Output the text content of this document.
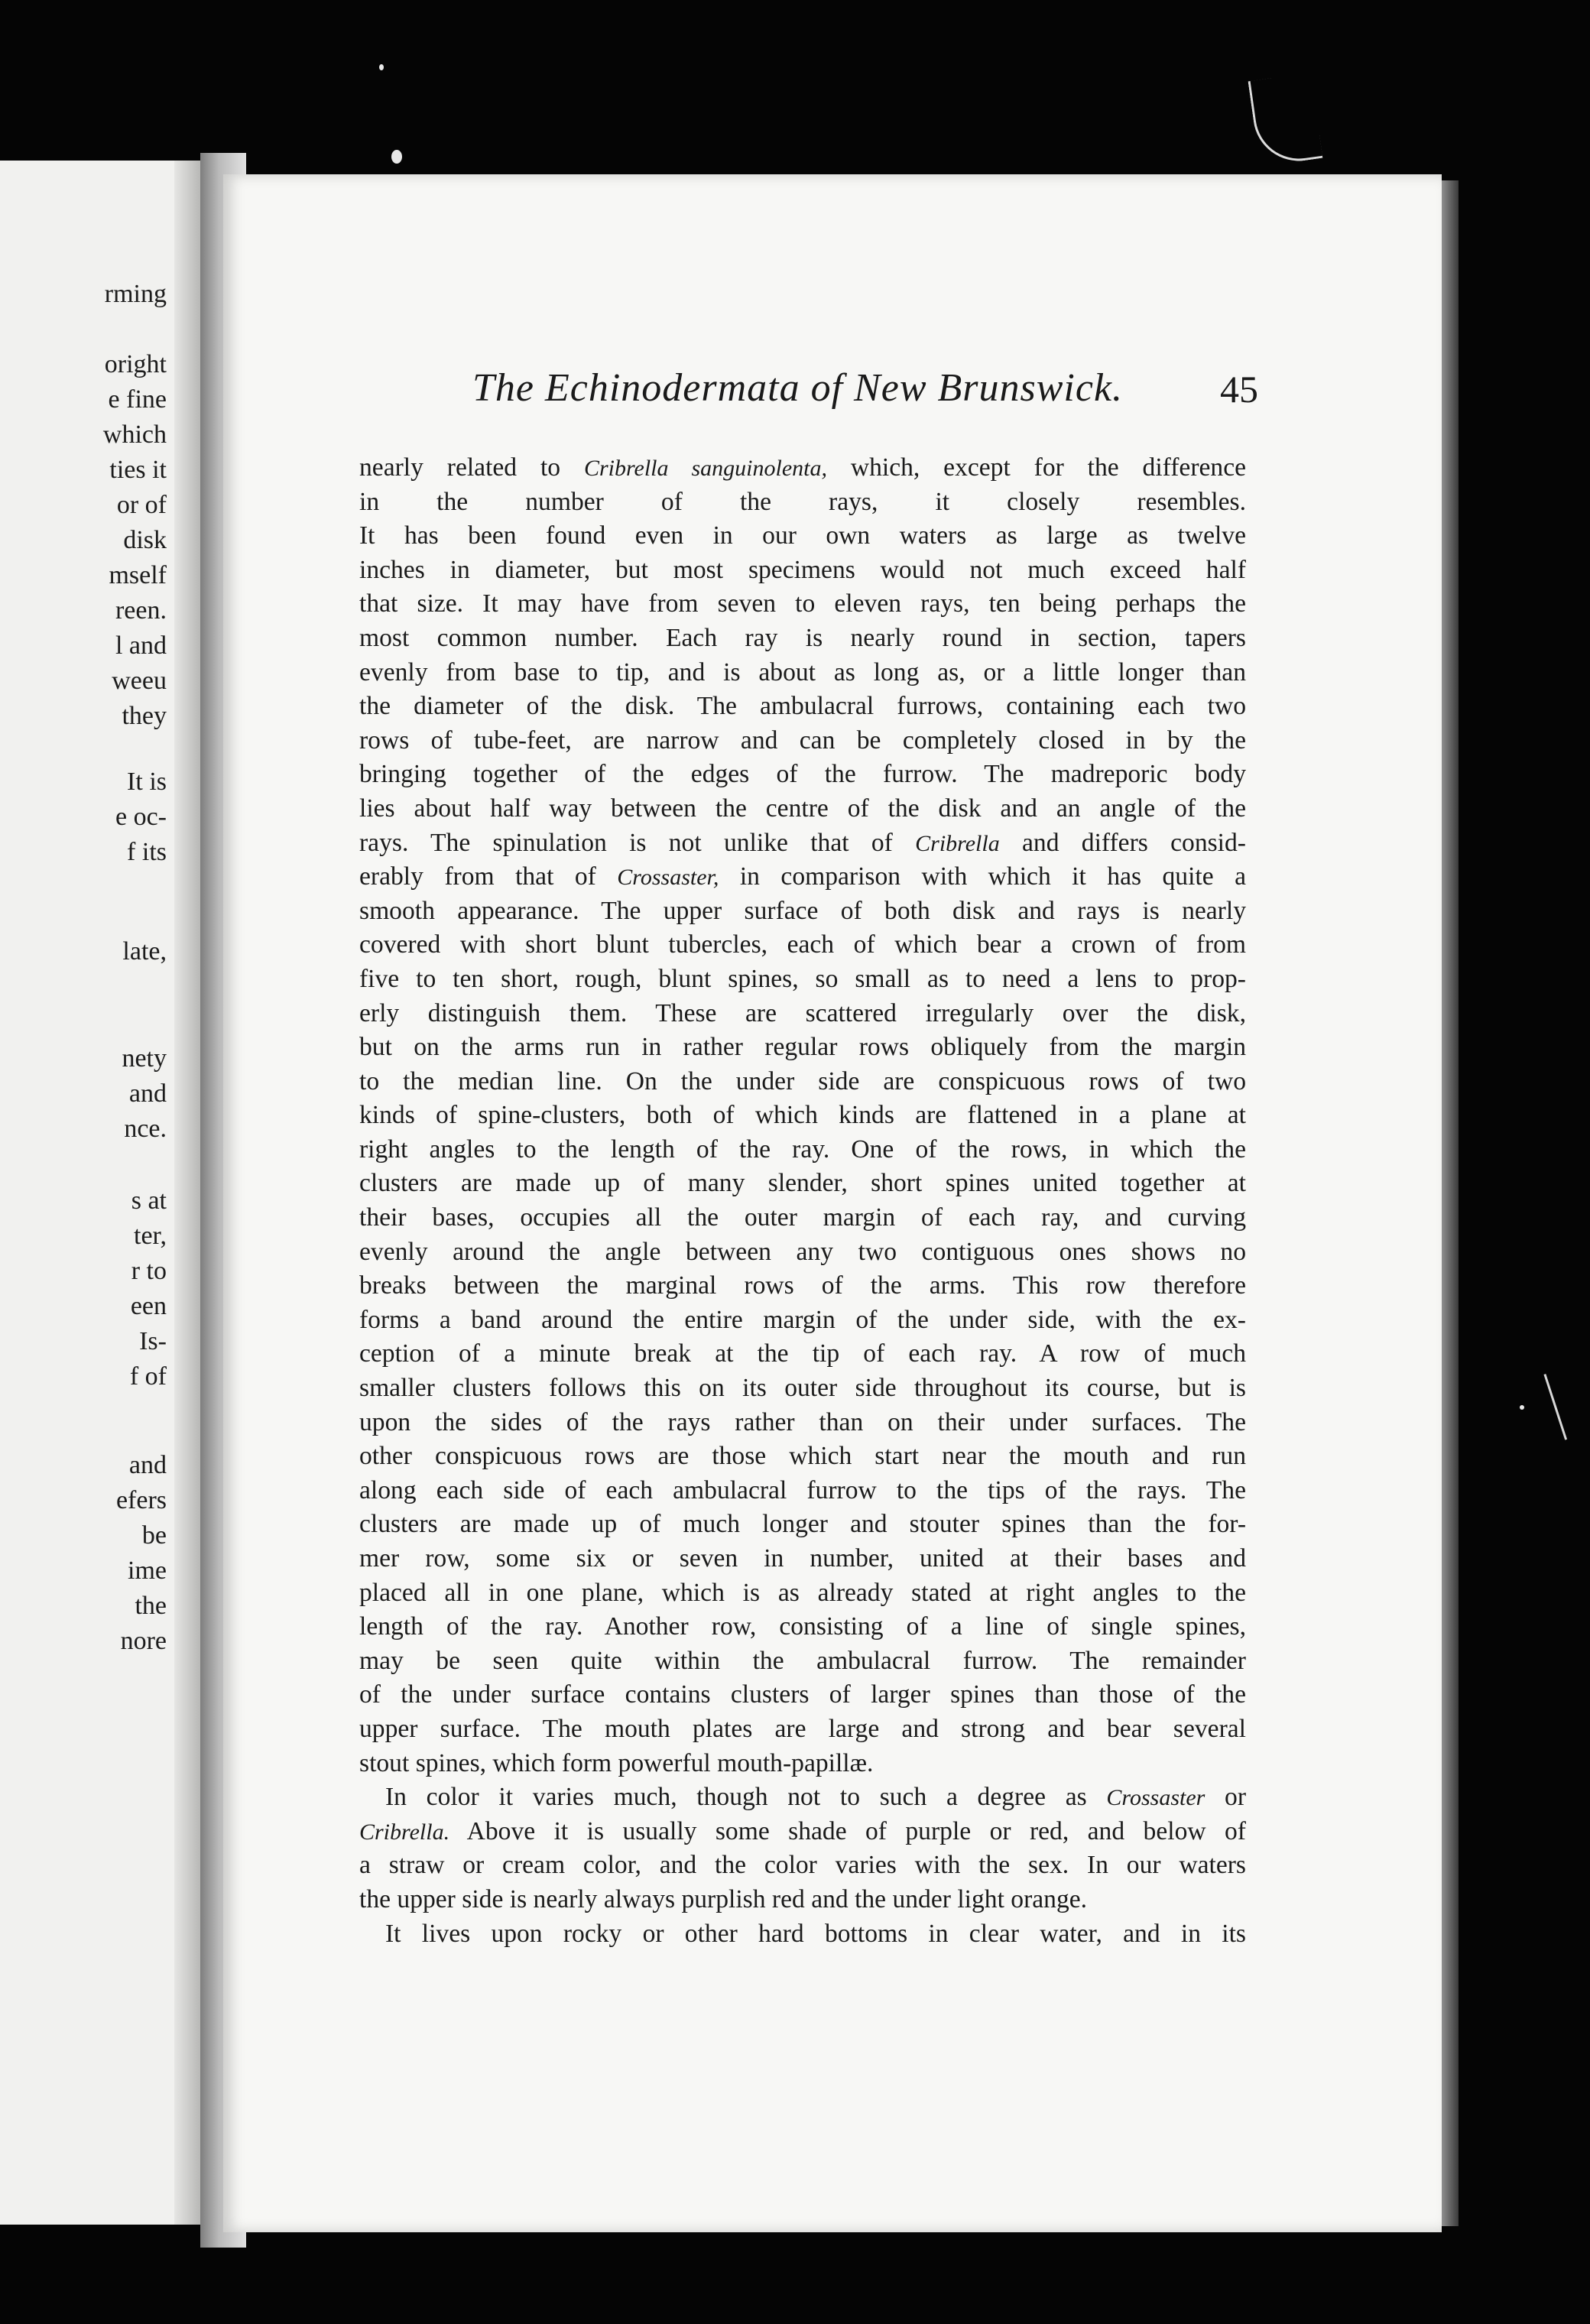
rming
oright
e fine
which
ties it
or of
disk
mself
reen.
l and
weeu
they
It is
e oc-
f its
late,
nety
and
nce.
s at
ter,
r to
een
Is-
f of
and
efers
be
ime
the
nore
The Echinodermata of New Brunswick.	45
nearly related to Cribrella sanguinolenta, which, except for the difference
in the number of the rays, it closely resembles.
It has been found even in our own waters as large as twelve
inches in diameter, but most specimens would not much exceed half
that size. It may have from seven to eleven rays, ten being perhaps the
most common number. Each ray is nearly round in section, tapers
evenly from base to tip, and is about as long as, or a little longer than
the diameter of the disk. The ambulacral furrows, containing each two
rows of tube-feet, are narrow and can be completely closed in by the
bringing together of the edges of the furrow. The madreporic body
lies about half way between the centre of the disk and an angle of the
rays. The spinulation is not unlike that of Cribrella and differs consid-
erably from that of Crossaster, in comparison with which it has quite a
smooth appearance. The upper surface of both disk and rays is nearly
covered with short blunt tubercles, each of which bear a crown of from
five to ten short, rough, blunt spines, so small as to need a lens to prop-
erly distinguish them. These are scattered irregularly over the disk,
but on the arms run in rather regular rows obliquely from the margin
to the median line. On the under side are conspicuous rows of two
kinds of spine-clusters, both of which kinds are flattened in a plane at
right angles to the length of the ray. One of the rows, in which the
clusters are made up of many slender, short spines united together at
their bases, occupies all the outer margin of each ray, and curving
evenly around the angle between any two contiguous ones shows no
breaks between the marginal rows of the arms. This row therefore
forms a band around the entire margin of the under side, with the ex-
ception of a minute break at the tip of each ray. A row of much
smaller clusters follows this on its outer side throughout its course, but is
upon the sides of the rays rather than on their under surfaces. The
other conspicuous rows are those which start near the mouth and run
along each side of each ambulacral furrow to the tips of the rays. The
clusters are made up of much longer and stouter spines than the for-
mer row, some six or seven in number, united at their bases and
placed all in one plane, which is as already stated at right angles to the
length of the ray. Another row, consisting of a line of single spines,
may be seen quite within the ambulacral furrow. The remainder
of the under surface contains clusters of larger spines than those of the
upper surface. The mouth plates are large and strong and bear several
stout spines, which form powerful mouth-papillæ.
In color it varies much, though not to such a degree as Crossaster or
Cribrella. Above it is usually some shade of purple or red, and below of
a straw or cream color, and the color varies with the sex. In our waters
the upper side is nearly always purplish red and the under light orange.
It lives upon rocky or other hard bottoms in clear water, and in its
